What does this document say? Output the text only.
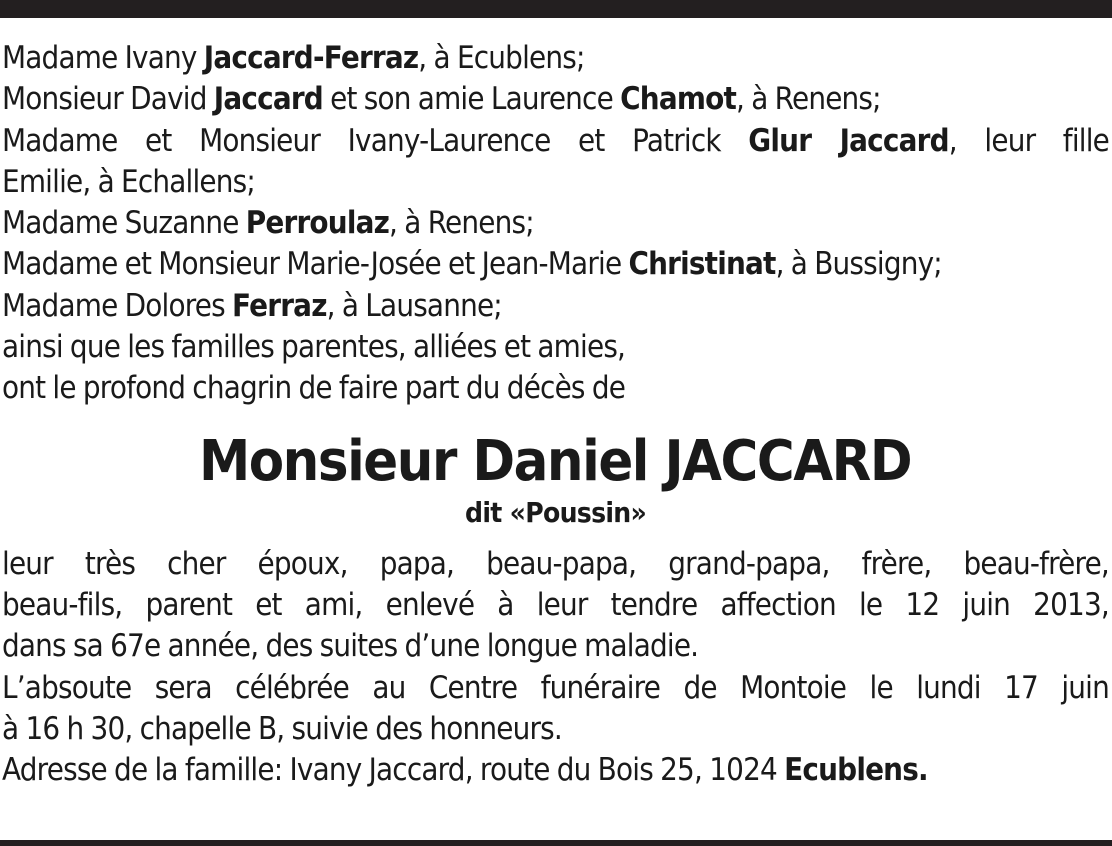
Madame Ivany Jaccard-Ferraz, à Ecublens;

Monsieur David Jaccard et son amie Laurence Chamot, à Renens;

Madame et Monsieur Ivany-Laurence et Patrick Glur Jaccard, leur fille

Emilie, à Echallens;

Madame Suzanne Perroulaz, à Renens;

Madame et Monsieur Marie-Josée et Jean-Marie Christinat, à Bussigny;

Madame Dolores Ferraz, à Lausanne;

ainsi que les familles parentes, alliées et amies,

ont le profond chagrin de faire part du décès de

Monsieur Daniel JACCARD
dit «Poussin»

leur très cher époux, papa, beau-papa, grand-papa, frère, beau-frère,

beau-fils, parent et ami, enlevé à leur tendre affection le 12 juin 2013,

dans sa 67e année, des suites d’une longue maladie.

L’absoute sera célébrée au Centre funéraire de Montoie le lundi 17 juin

à 16 h 30, chapelle B, suivie des honneurs.

Adresse de la famille: Ivany Jaccard, route du Bois 25, 1024 Ecublens.
